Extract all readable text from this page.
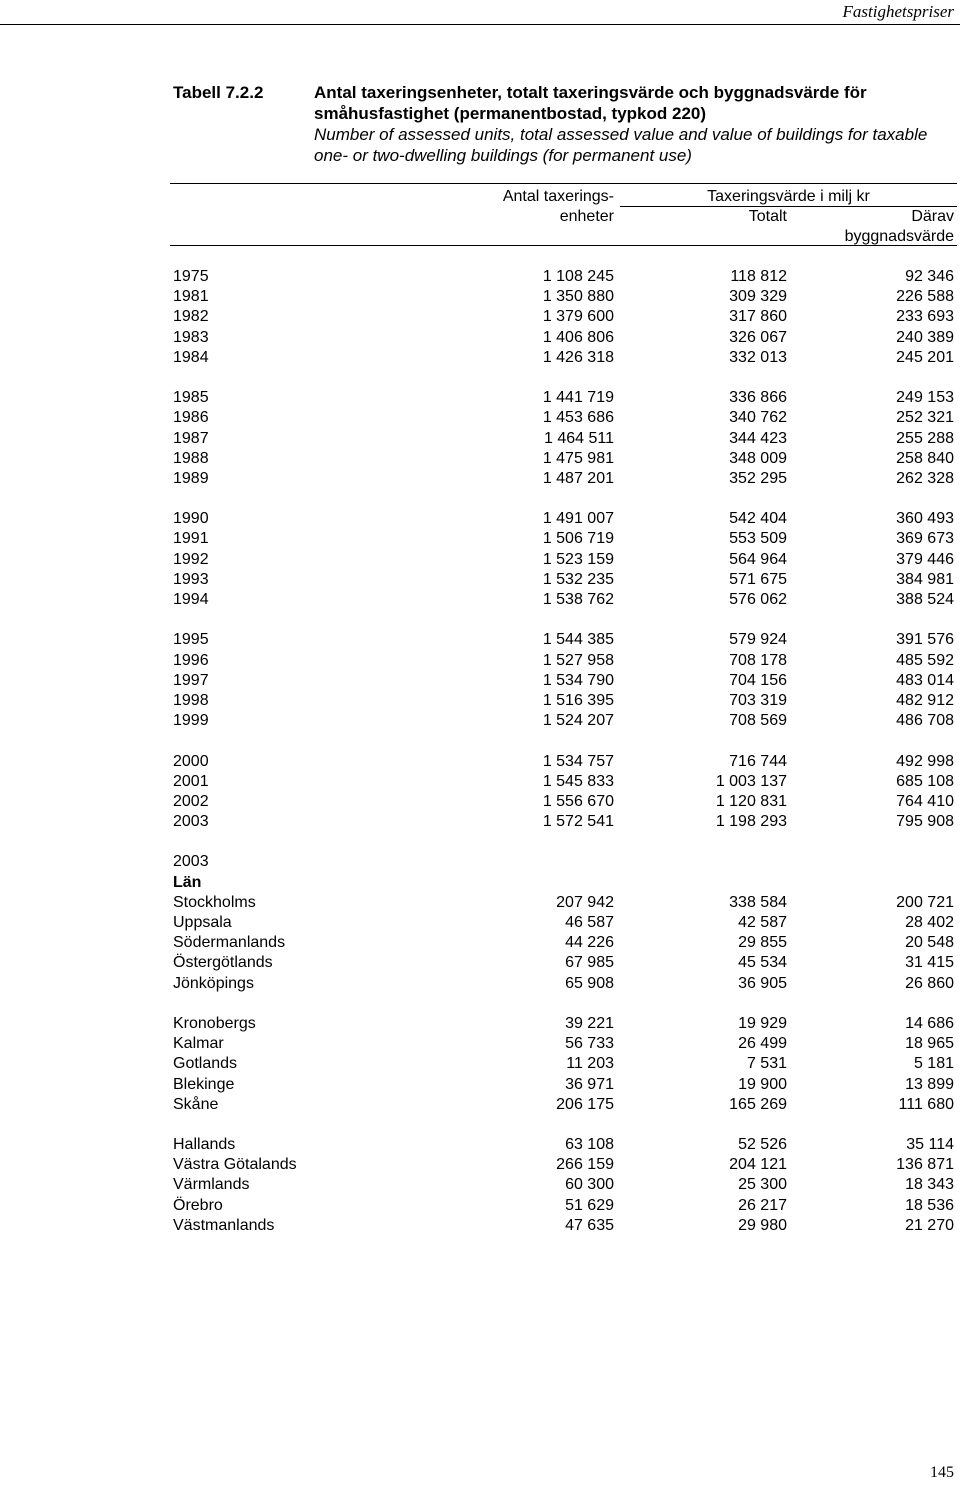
Fastighetspriser
Tabell 7.2.2	Antal taxeringsenheter, totalt taxeringsvärde och byggnadsvärde för småhusfastighet (permanentbostad, typkod 220)
Number of assessed units, total assessed value and value of buildings for taxable one- or two-dwelling buildings (for permanent use)
Antal taxerings-
enheter
Taxeringsvärde i milj kr
Totalt	Därav
byggnadsvärde
1975	1 108 245	118 812	92 346
1981	1 350 880	309 329	226 588
1982	1 379 600	317 860	233 693
1983	1 406 806	326 067	240 389
1984	1 426 318	332 013	245 201
1985	1 441 719	336 866	249 153
1986	1 453 686	340 762	252 321
1987	1 464 511	344 423	255 288
1988	1 475 981	348 009	258 840
1989	1 487 201	352 295	262 328
1990	1 491 007	542 404	360 493
1991	1 506 719	553 509	369 673
1992	1 523 159	564 964	379 446
1993	1 532 235	571 675	384 981
1994	1 538 762	576 062	388 524
1995	1 544 385	579 924	391 576
1996	1 527 958	708 178	485 592
1997	1 534 790	704 156	483 014
1998	1 516 395	703 319	482 912
1999	1 524 207	708 569	486 708
2000	1 534 757	716 744	492 998
2001	1 545 833	1 003 137	685 108
2002	1 556 670	1 120 831	764 410
2003	1 572 541	1 198 293	795 908
2003
Län
Stockholms	207 942	338 584	200 721
Uppsala	46 587	42 587	28 402
Södermanlands	44 226	29 855	20 548
Östergötlands	67 985	45 534	31 415
Jönköpings	65 908	36 905	26 860
Kronobergs	39 221	19 929	14 686
Kalmar	56 733	26 499	18 965
Gotlands	11 203	7 531	5 181
Blekinge	36 971	19 900	13 899
Skåne	206 175	165 269	111 680
Hallands	63 108	52 526	35 114
Västra Götalands	266 159	204 121	136 871
Värmlands	60 300	25 300	18 343
Örebro	51 629	26 217	18 536
Västmanlands	47 635	29 980	21 270
145
